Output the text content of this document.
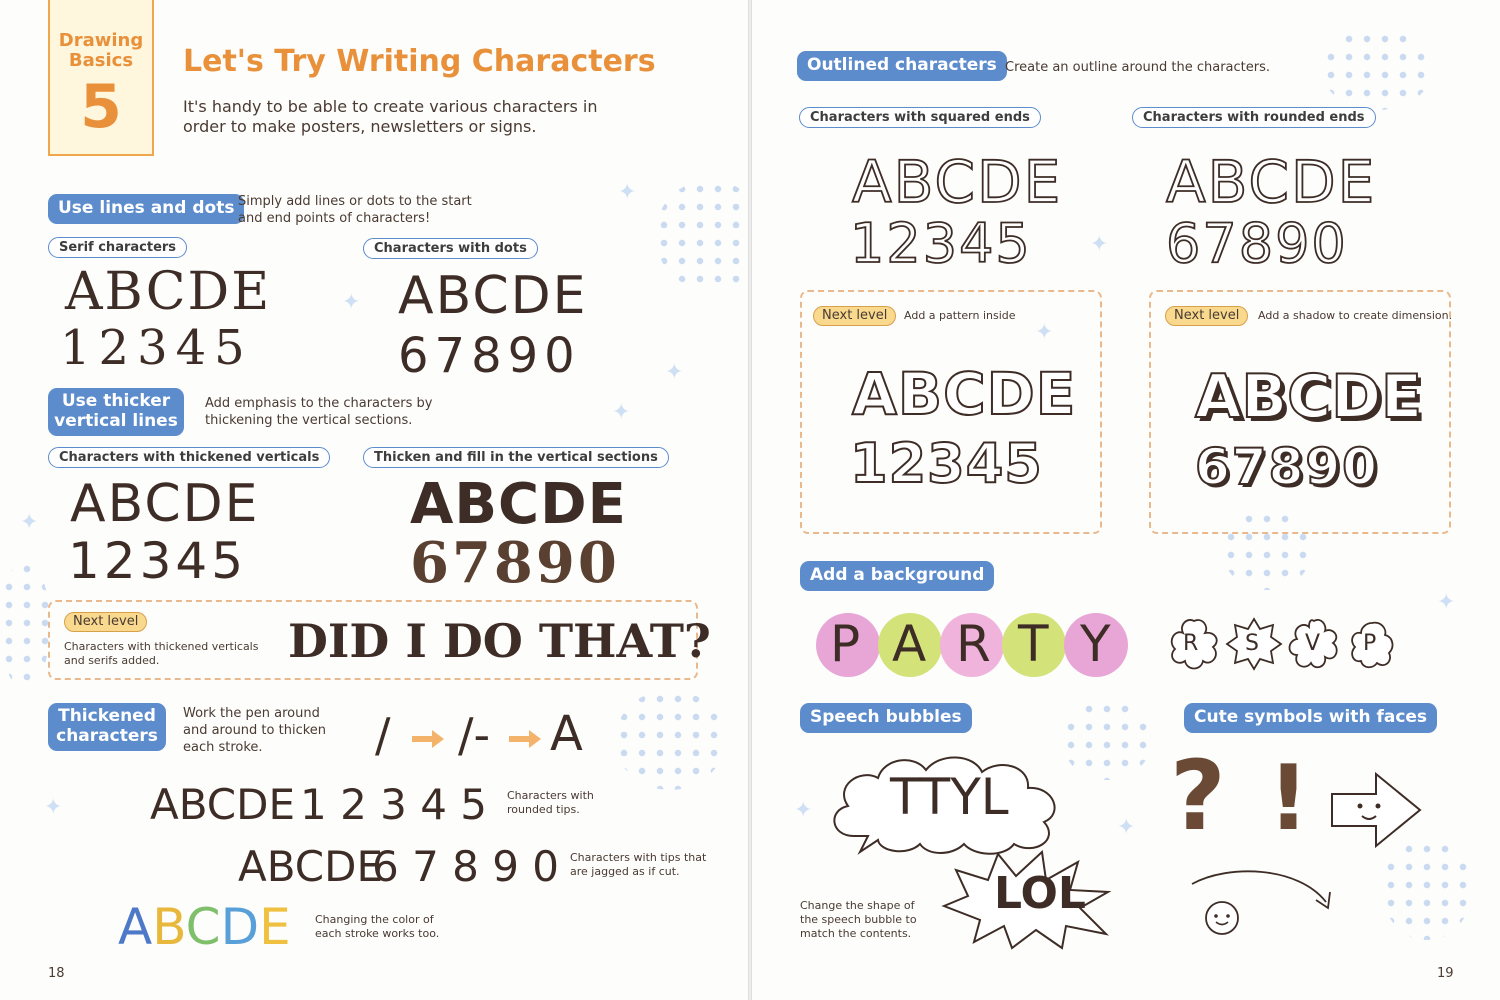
✦
✦
✦
✦
✦
✦
Drawing
Basics
5
Let's Try Writing Characters
It's handy to be able to create various characters in
order to make posters, newsletters or signs.
Use lines and dots Simply add lines or dots to the start
and end points of characters!
Serif characters
ABCDE
12345
Characters with dots
ABCDE
67890
Use thicker
vertical lines
Add emphasis to the characters by
thickening the vertical sections.
Characters with thickened verticals
ABCDE
12345
Thicken and fill in the vertical sections
ABCDE
67890
Next level
Characters with thickened verticals
and serifs added.	DID I DO THAT?
Thickened
characters
Work the pen around
and around to thicken
each stroke. / /- A
ABCDE 1 2 3 4 5 Characters with
rounded tips.
ABCDE
6 7 8 9 0 Characters with tips that
are jagged as if cut.
ABCDE Changing the color of
each stroke works too.
18
✦
✦
✦
✦
✦
Outlined characters Create an outline around the characters.
Characters with squared ends
ABCDE
12345
Characters with rounded ends
ABCDE
67890
Next level	Add a pattern inside
ABCDE
12345
Next level	Add a shadow to create dimension.
ABCDE
67890
Add a background
P A R T Y	R S V P
Speech bubbles
TTYL
LOL
Change the shape of
the speech bubble to
match the contents.
Cute symbols with faces
? !
19
